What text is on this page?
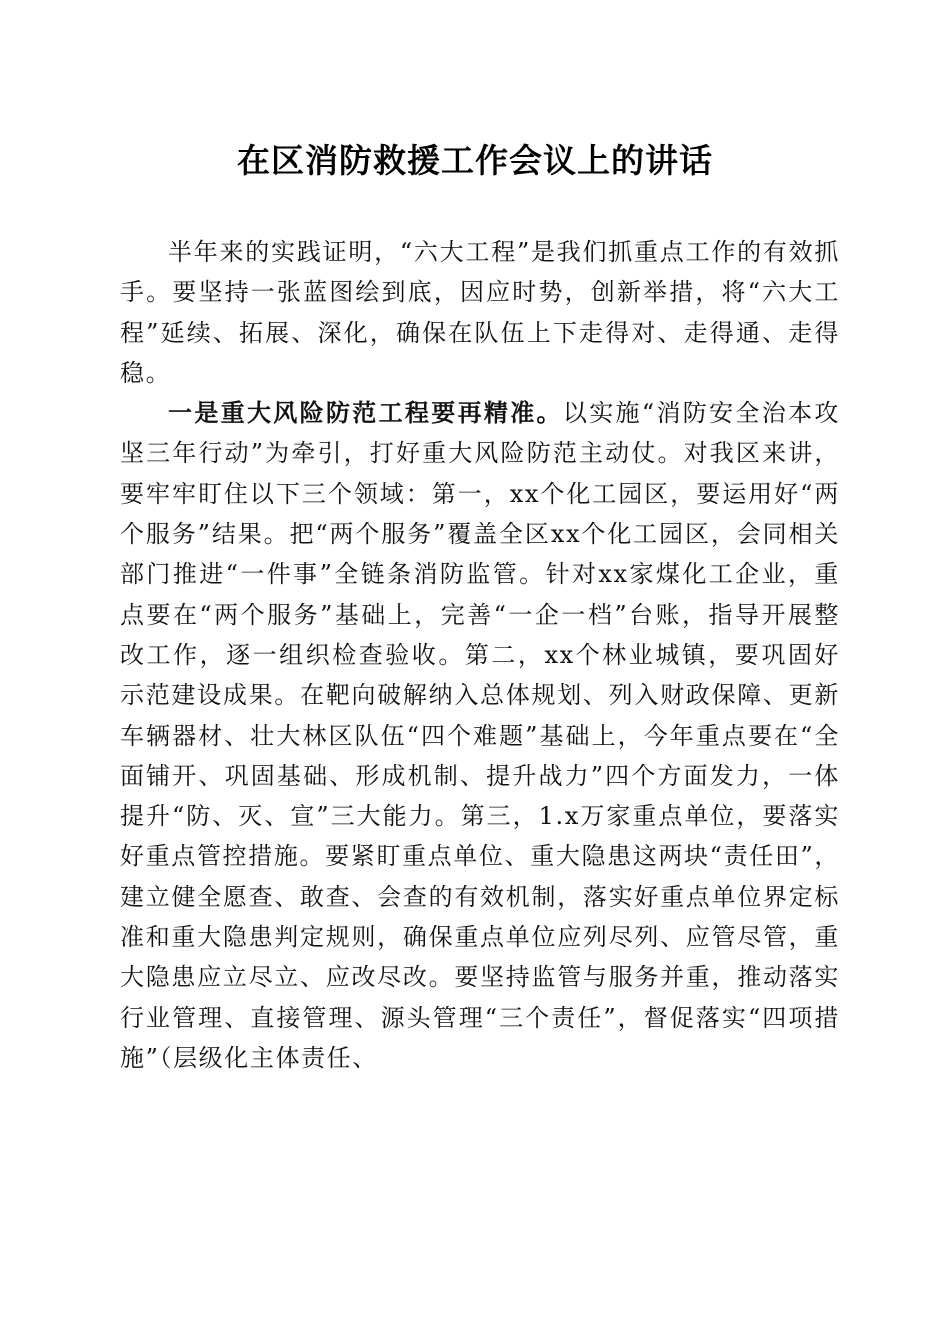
在区消防救援工作会议上的讲话

半年来的实践证明，“六大工程”是我们抓重点工作的有效抓手。要坚持一张蓝图绘到底，因应时势，创新举措，将“六大工程”延续、拓展、深化，确保在队伍上下走得对、走得通、走得稳。

一是重大风险防范工程要再精准。以实施“消防安全治本攻坚三年行动”为牵引，打好重大风险防范主动仗。对我区来讲，要牢牢盯住以下三个领域：第一，xx个化工园区，要运用好“两个服务”结果。把“两个服务”覆盖全区xx个化工园区，会同相关部门推进“一件事”全链条消防监管。针对xx家煤化工企业，重点要在“两个服务”基础上，完善“一企一档”台账，指导开展整改工作，逐一组织检查验收。第二，xx个林业城镇，要巩固好示范建设成果。在靶向破解纳入总体规划、列入财政保障、更新车辆器材、壮大林区队伍“四个难题”基础上，今年重点要在“全面铺开、巩固基础、形成机制、提升战力”四个方面发力，一体提升“防、灭、宣”三大能力。第三，1.x万家重点单位，要落实好重点管控措施。要紧盯重点单位、重大隐患这两块“责任田”，建立健全愿查、敢查、会查的有效机制，落实好重点单位界定标准和重大隐患判定规则，确保重点单位应列尽列、应管尽管，重大隐患应立尽立、应改尽改。要坚持监管与服务并重，推动落实行业管理、直接管理、源头管理“三个责任”，督促落实“四项措施”（层级化主体责任、
